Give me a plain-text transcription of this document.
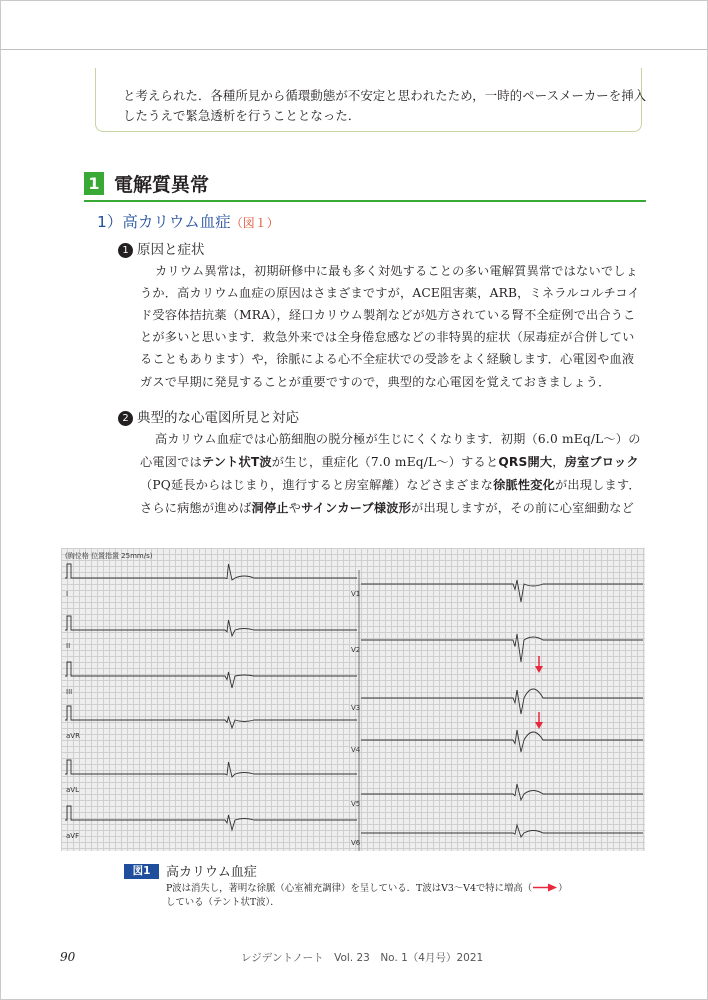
と考えられた．各種所見から循環動態が不安定と思われたため，一時的ペースメーカーを挿入
したうえで緊急透析を行うこととなった．
1 電解質異常
1）高カリウム血症（図１）
1 原因と症状
カリウム異常は，初期研修中に最も多く対処することの多い電解質異常ではないでしょ
うか．高カリウム血症の原因はさまざまですが，ACE阻害薬，ARB，ミネラルコルチコイ
ド受容体拮抗薬（MRA），経口カリウム製剤などが処方されている腎不全症例で出合うこ
とが多いと思います．救急外来では全身倦怠感などの非特異的症状（尿毒症が合併してい
ることもあります）や，徐脈による心不全症状での受診をよく経験します．心電図や血液
ガスで早期に発見することが重要ですので，典型的な心電図を覚えておきましょう．
2 典型的な心電図所見と対応
高カリウム血症では心筋細胞の脱分極が生じにくくなります．初期（6.0 mEq/L～）の
心電図ではテント状T波が生じ，重症化（7.0 mEq/L～）するとQRS開大，房室ブロック
（PQ延長からはじまり，進行すると房室解離）などさまざまな徐脈性変化が出現します．
さらに病態が進めば洞停止やサインカーブ様波形が出現しますが，その前に心室細動など
(胸位格 位置指置 25mm/s)
I
II
III
aVR
aVL
aVF
V1
V2
V3
V4
V5
V6
図1	高カリウム血症
P波は消失し，著明な徐脈（心室補充調律）を呈している．T波はV3～V4で特に増高（	）
している（テント状T波）．
90	レジデントノート　Vol. 23　No. 1（4月号）2021
